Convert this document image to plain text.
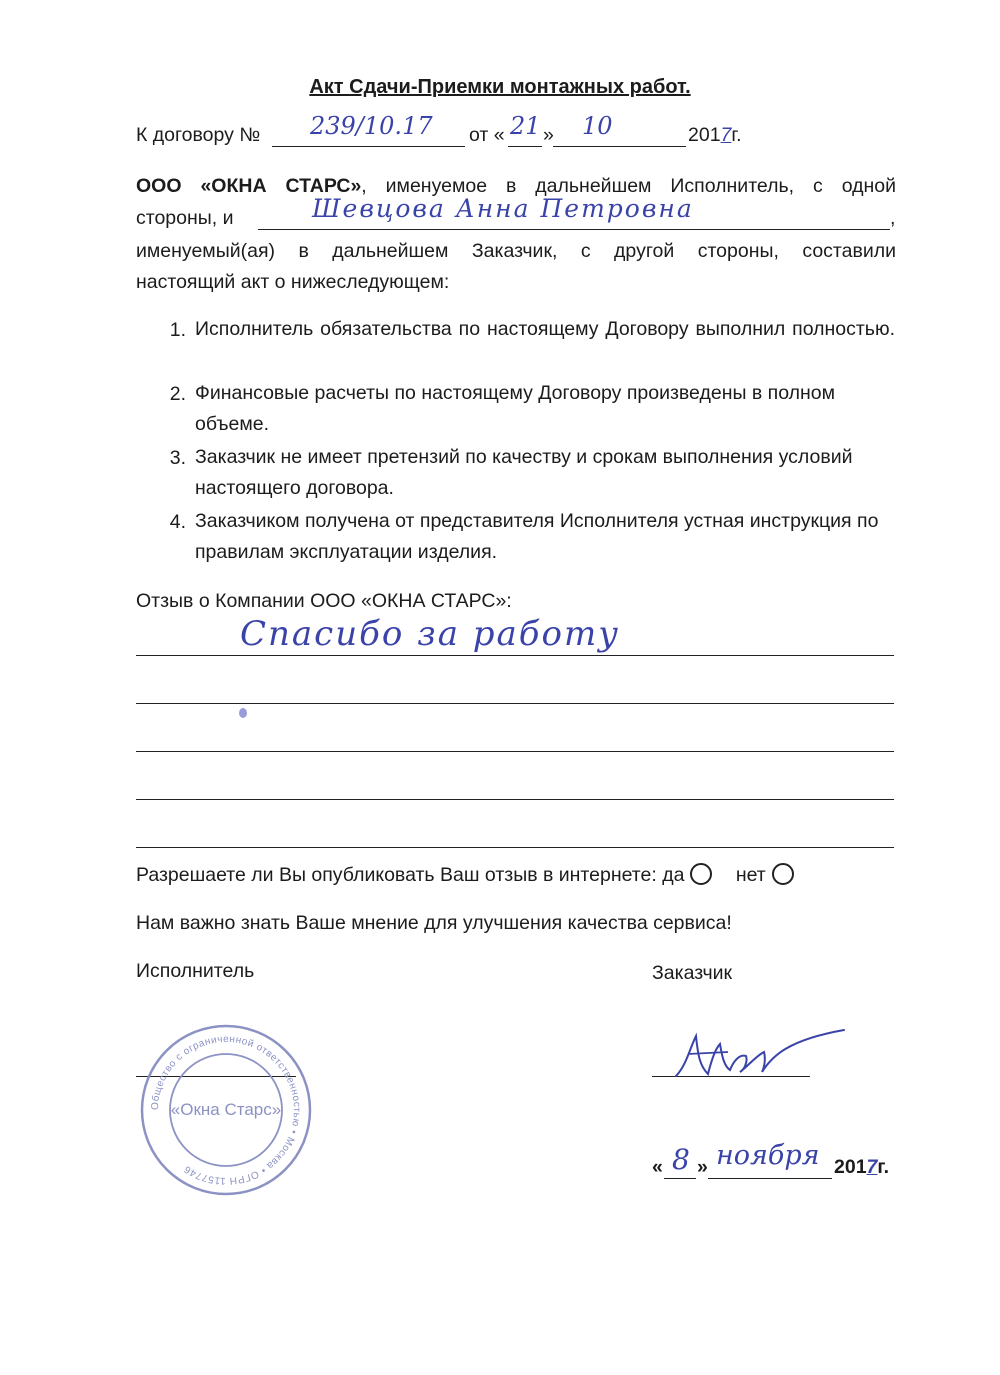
Акт Сдачи-Приемки монтажных работ.
К договору № 239/10.17 от « 21 » 10	2017г.
ООО «ОКНА СТАРС», именуемое в дальнейшем Исполнитель, с одной
стороны, и	Шевцова Анна Петровна	,
именуемый(ая) в дальнейшем Заказчик, с другой стороны, составили
настоящий акт о нижеследующем:
1. Исполнитель обязательства по настоящему Договору выполнил полностью.
2. Финансовые расчеты по настоящему Договору произведены в полном объеме.
3. Заказчик не имеет претензий по качеству и срокам выполнения условий настоящего договора.
4. Заказчиком получена от представителя Исполнителя устная инструкция по правилам эксплуатации изделия.
Отзыв о Компании ООО «ОКНА СТАРС»:
Спасибо за работу
Разрешаете ли Вы опубликовать Ваш отзыв в интернете: да	нет
Нам важно знать Ваше мнение для улучшения качества сервиса!
Исполнитель	Заказчик
Общество с ограниченной ответственностью • Москва • ОГРН 1157746
«Окна Старс»
« 8 » ноября 2017г.
